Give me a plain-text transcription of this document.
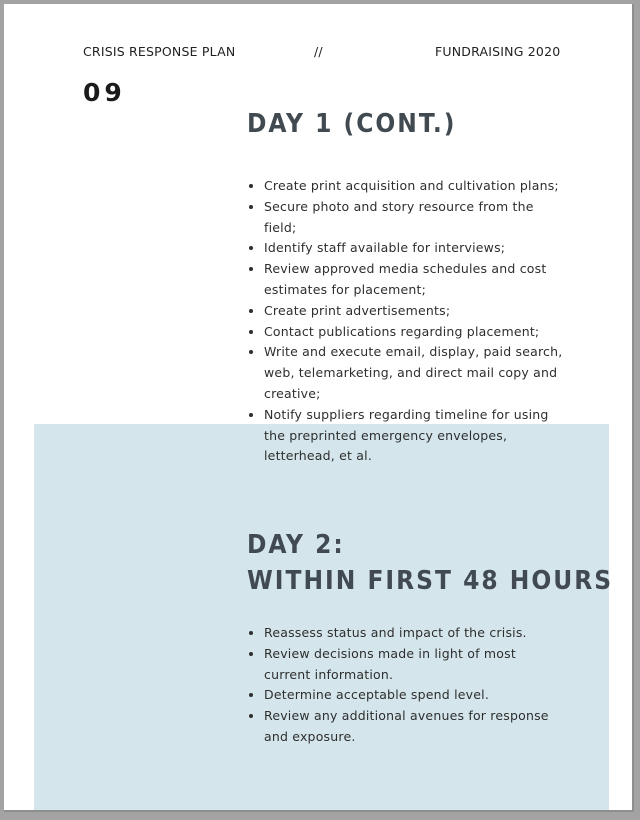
CRISIS RESPONSE PLAN	//	FUNDRAISING 2020
09
DAY 1 (CONT.)
• Create print acquisition and cultivation plans;
• Secure photo and story resource from the field;
• Identify staff available for interviews;
• Review approved media schedules and cost estimates for placement;
• Create print advertisements;
• Contact publications regarding placement;
• Write and execute email, display, paid search, web, telemarketing, and direct mail copy and creative;
• Notify suppliers regarding timeline for using the preprinted emergency envelopes, letterhead, et al.
DAY 2:
WITHIN FIRST 48 HOURS
• Reassess status and impact of the crisis.
• Review decisions made in light of most current information.
• Determine acceptable spend level.
• Review any additional avenues for response and exposure.
